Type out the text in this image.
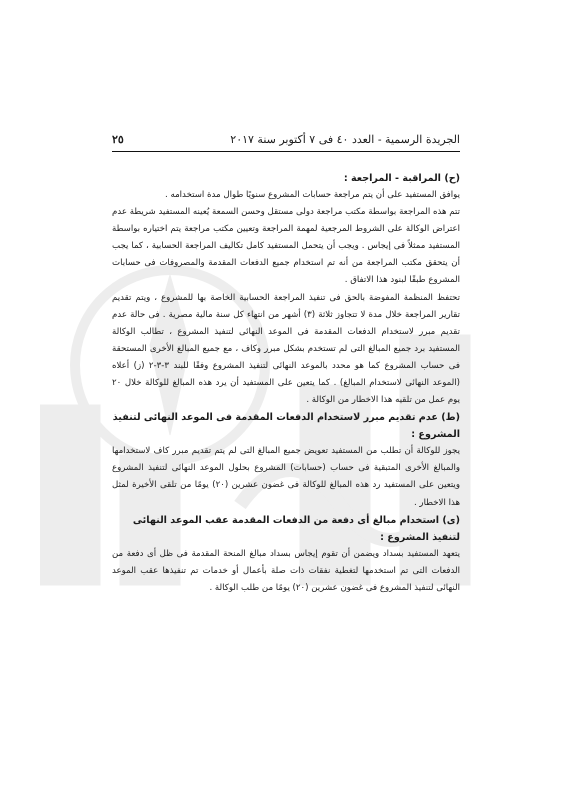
الجريدة الرسمية - العدد ٤٠ فى ٧ أكتوبر سنة ٢٠١٧
٢٥

(ح) المراقبة - المراجعة :

يوافق المستفيد على أن يتم مراجعة حسابات المشروع سنويًا طوال مدة استخدامه .

تتم هذه المراجعة بواسطة مكتب مراجعة دولى مستقل وحسن السمعة يُعينه المستفيد شريطة عدم اعتراض الوكالة على الشروط المرجعية لمهمة المراجعة وتعيين مكتب مراجعة يتم اختياره بواسطة المستفيد ممثلاً فى إيجاس . ويجب أن يتحمل المستفيد كامل تكاليف المراجعة الحسابية ، كما يجب أن يتحقق مكتب المراجعة من أنه تم استخدام جميع الدفعات المقدمة والمصروفات فى حسابات المشروع طبقًا لبنود هذا الاتفاق .

تحتفظ المنظمة المفوضة بالحق فى تنفيذ المراجعة الحسابية الخاصة بها للمشروع ، ويتم تقديم تقارير المراجعة خلال مدة لا تتجاوز ثلاثة (٣) أشهر من انتهاء كل سنة مالية مصرية . فى حالة عدم تقديم مبرر لاستخدام الدفعات المقدمة فى الموعد النهائى لتنفيذ المشروع ، تطالب الوكالة المستفيد برد جميع المبالغ التى لم تستخدم بشكل مبرر وكاف ، مع جميع المبالغ الأخرى المستحقة فى حساب المشروع كما هو محدد بالموعد النهائى لتنفيذ المشروع وفقًا للبند ٣-٣-٢ (ز) أعلاه (الموعد النهائى لاستخدام المبالغ) . كما يتعين على المستفيد أن يرد هذه المبالغ للوكالة خلال ٢٠ يوم عمل من تلقيه هذا الاخطار من الوكالة .

(ط) عدم تقديم مبرر لاستخدام الدفعات المقدمة فى الموعد النهائى لتنفيذ المشروع :

يجوز للوكالة أن تطلب من المستفيد تعويض جميع المبالغ التى لم يتم تقديم مبرر كاف لاستخدامها والمبالغ الأخرى المتبقية فى حساب (حسابات) المشروع بحلول الموعد النهائى لتنفيذ المشروع ويتعين على المستفيد رد هذه المبالغ للوكالة فى غضون عشرين (٢٠) يومًا من تلقى الأخيرة لمثل هذا الاخطار .

(ى) استخدام مبالغ أى دفعة من الدفعات المقدمة عقب الموعد النهائى لتنفيذ المشروع :

يتعهد المستفيد بسداد ويضمن أن تقوم إيجاس بسداد مبالغ المنحة المقدمة فى ظل أى دفعة من الدفعات التى تم استخدمها لتغطية نفقات ذات صلة بأعمال أو خدمات تم تنفيذها عقب الموعد النهائى لتنفيذ المشروع فى غضون عشرين (٢٠) يومًا من طلب الوكالة .
